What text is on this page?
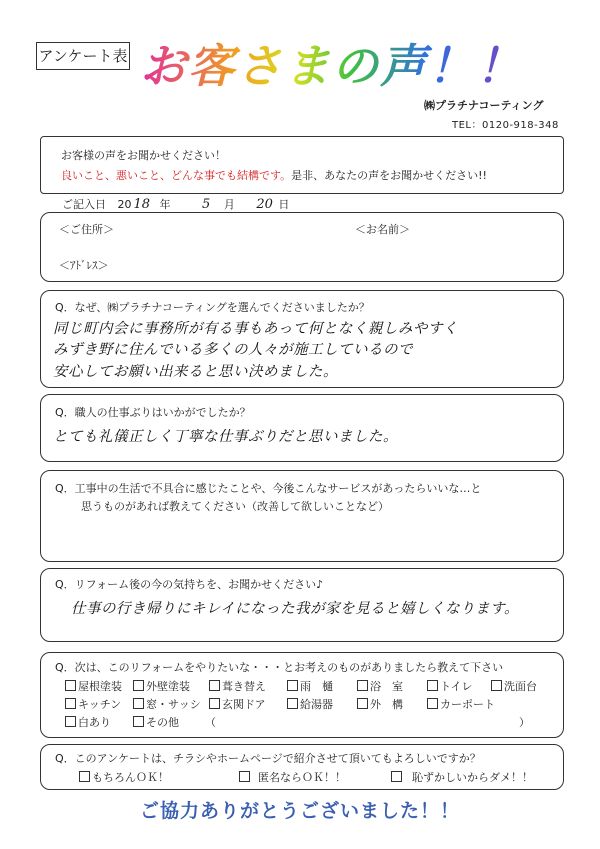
アンケート表 お客さまの声！！
㈱プラチナコーティング
TEL：0120-918-348
お客様の声をお聞かせください！
良いこと、悪いこと、どんな事でも結構です。是非、あなたの声をお聞かせください!!
ご記入日 20 18 年 5 月 20 日
＜ご住所＞	＜お名前＞
＜ｱﾄﾞﾚｽ＞
Q．なぜ、㈱プラチナコーティングを選んでくださいましたか？
同じ町内会に事務所が有る事もあって何となく親しみやすく
みずき野に住んでいる多くの人々が施工しているので
安心してお願い出来ると思い決めました。
Q．職人の仕事ぶりはいかがでしたか？
とても礼儀正しく丁寧な仕事ぶりだと思いました。
Q．工事中の生活で不具合に感じたことや、今後こんなサービスがあったらいいな…と
思うものがあれば教えてください（改善して欲しいことなど）
Q．リフォーム後の今の気持ちを、お聞かせください♪
仕事の行き帰りにキレイになった我が家を見ると嬉しくなります。
Q．次は、このリフォームをやりたいな・・・とお考えのものがありましたら教えて下さい
屋根塗装	外壁塗装	葺き替え	雨　樋	浴　室	トイレ	洗面台
キッチン	窓・サッシ	玄関ドア	給湯器	外　構	カーポート
白あり	その他 （	）
Q．このアンケートは、チラシやホームページで紹介させて頂いてもよろしいですか？
もちろんＯＫ！	匿名ならＯＫ！！	恥ずかしいからダメ！！
ご協力ありがとうございました！！
